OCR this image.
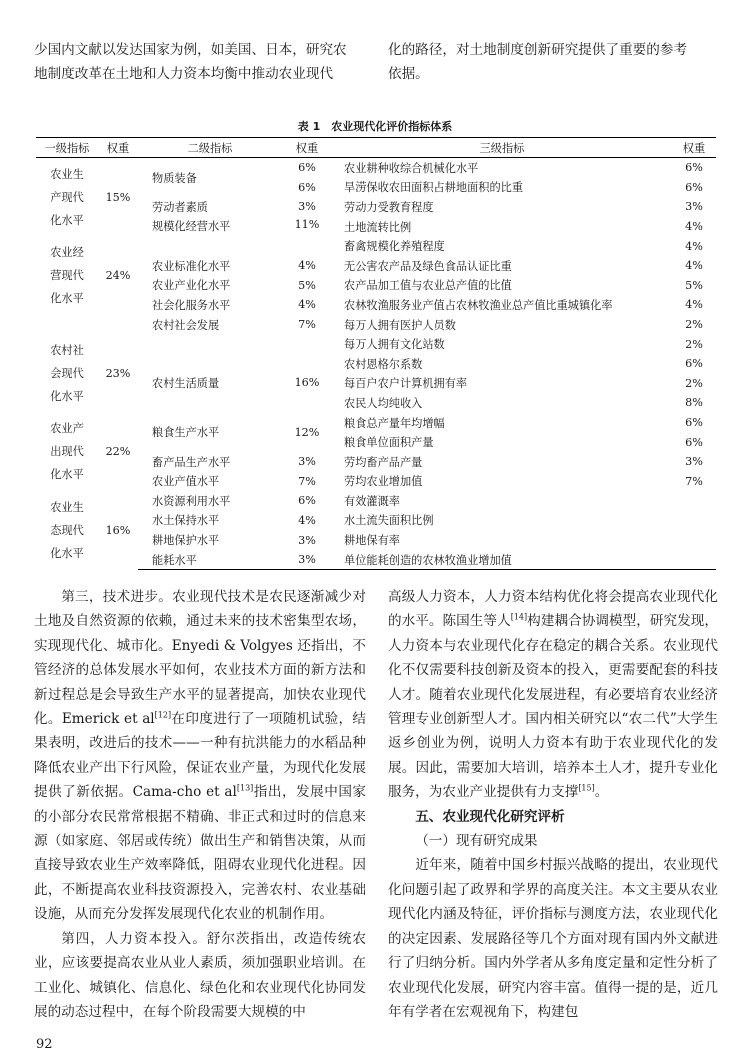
少国内文献以发达国家为例，如美国、日本，研究农

地制度改革在土地和人力资本均衡中推动农业现代

化的路径，对土地制度创新研究提供了重要的参考

依据。

表 1　农业现代化评价指标体系
一级指标	权重	二级指标	权重	三级指标	权重

农业生
产现代
化水平	15%	物质装备	6%	农业耕种收综合机械化水平	6%
			6%	旱涝保收农田面积占耕地面积的比重	6%
		劳动者素质	3%	劳动力受教育程度	3%
		规模化经营水平	11%	土地流转比例	4%

农业经
营现代
化水平	24%			畜禽规模化养殖程度	4%
		农业标准化水平	4%	无公害农产品及绿色食品认证比重	4%
		农业产业化水平	5%	农产品加工值与农业总产值的比值	5%
		社会化服务水平	4%	农林牧渔服务业产值占农林牧渔业总产值比重城镇化率	4%
		农村社会发展	7%	每万人拥有医护人员数	2%

农村社
会现代
化水平	23%	农村生活质量	16%	每万人拥有文化站数	2%
				农村恩格尔系数	6%
				每百户农户计算机拥有率	2%
				农民人均纯收入	8%

农业产
出现代
化水平	22%	粮食生产水平	12%	粮食总产量年均增幅	6%
				粮食单位面积产量	6%
		畜产品生产水平	3%	劳均畜产品产量	3%
		农业产值水平	7%	劳均农业增加值	7%

农业生
态现代
化水平	16%	水资源利用水平	6%	有效灌溉率	
		水土保持水平	4%	水土流失面积比例	
		耕地保护水平	3%	耕地保有率	
		能耗水平	3%	单位能耗创造的农林牧渔业增加值	

第三，技术进步。农业现代技术是农民逐渐减少对土地及自然资源的依赖，通过未来的技术密集型农场，实现现代化、城市化。Enyedi & Volgyes 还指出，不管经济的总体发展水平如何，农业技术方面的新方法和新过程总是会导致生产水平的显著提高，加快农业现代化。Emerick et al[12]在印度进行了一项随机试验，结果表明，改进后的技术——一种有抗洪能力的水稻品种降低农业产出下行风险，保证农业产量，为现代化发展提供了新依据。Cama-cho et al[13]指出，发展中国家的小部分农民常常根据不精确、非正式和过时的信息来源（如家庭、邻居或传统）做出生产和销售决策，从而直接导致农业生产效率降低，阻碍农业现代化进程。因此，不断提高农业科技资源投入，完善农村、农业基础设施，从而充分发挥发展现代化农业的机制作用。

第四，人力资本投入。舒尔茨指出，改造传统农业，应该要提高农业从业人素质，须加强职业培训。在工业化、城镇化、信息化、绿色化和农业现代化协同发展的动态过程中，在每个阶段需要大规模的中

高级人力资本，人力资本结构优化将会提高农业现代化的水平。陈国生等人[14]构建耦合协调模型，研究发现，人力资本与农业现代化存在稳定的耦合关系。农业现代化不仅需要科技创新及资本的投入，更需要配套的科技人才。随着农业现代化发展进程，有必要培育农业经济管理专业创新型人才。国内相关研究以“农二代”大学生返乡创业为例，说明人力资本有助于农业现代化的发展。因此，需要加大培训，培养本土人才，提升专业化服务，为农业产业提供有力支撑[15]。

五、农业现代化研究评析

（一）现有研究成果

近年来，随着中国乡村振兴战略的提出，农业现代化问题引起了政界和学界的高度关注。本文主要从农业现代化内涵及特征，评价指标与测度方法，农业现代化的决定因素、发展路径等几个方面对现有国内外文献进行了归纳分析。国内外学者从多角度定量和定性分析了农业现代化发展，研究内容丰富。值得一提的是，近几年有学者在宏观视角下，构建包

92
